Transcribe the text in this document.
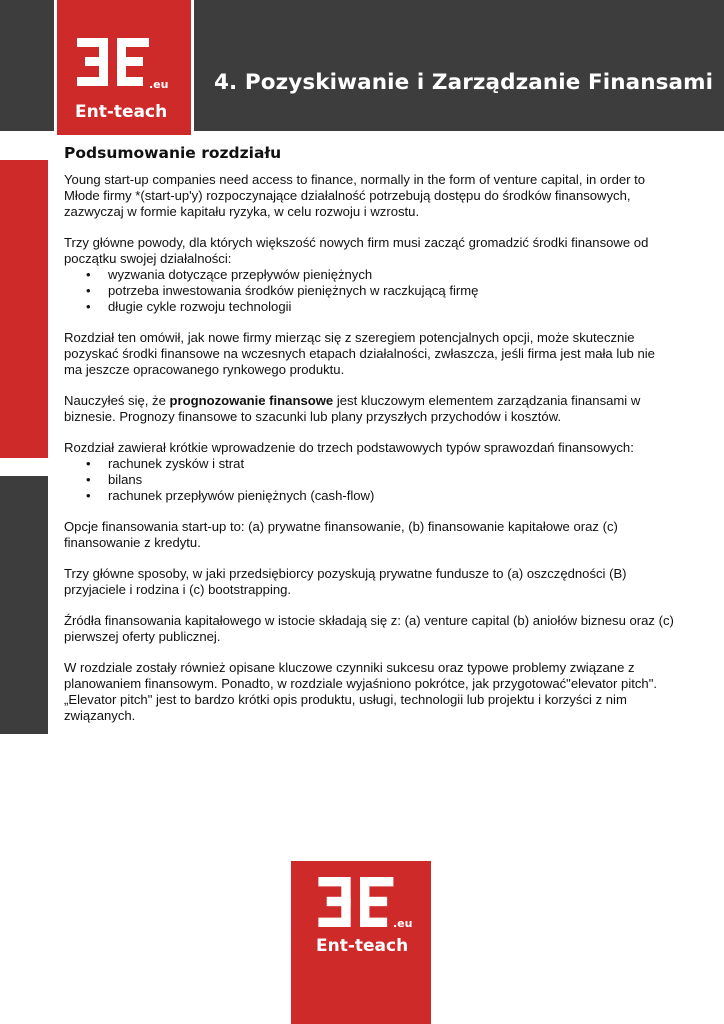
.eu
Ent-teach
4. Pozyskiwanie i Zarządzanie Finansami
Podsumowanie rozdziału

Young start-up companies need access to finance, normally in the form of venture capital, in order to

Młode firmy *(start-up'y) rozpoczynające działalność potrzebują dostępu do środków finansowych, zazwyczaj w formie kapitału ryzyka, w celu rozwoju i wzrostu.

Trzy główne powody, dla których większość nowych firm musi zacząć gromadzić środki finansowe od początku swojej działalności:
• wyzwania dotyczące przepływów pieniężnych
• potrzeba inwestowania środków pieniężnych w raczkującą firmę
• długie cykle rozwoju technologii
Rozdział ten omówił, jak nowe firmy mierząc się z szeregiem potencjalnych opcji, może skutecznie pozyskać środki finansowe na wczesnych etapach działalności, zwłaszcza, jeśli firma jest mała lub nie ma jeszcze opracowanego rynkowego produktu.
Nauczyłeś się, że prognozowanie finansowe jest kluczowym elementem zarządzania finansami w biznesie. Prognozy finansowe to szacunki lub plany przyszłych przychodów i kosztów.
Rozdział zawierał krótkie wprowadzenie do trzech podstawowych typów sprawozdań finansowych:
• rachunek zysków i strat
• bilans
• rachunek przepływów pieniężnych (cash-flow)
Opcje finansowania start-up to: (a) prywatne finansowanie, (b) finansowanie kapitałowe oraz (c) finansowanie z kredytu.
Trzy główne sposoby, w jaki przedsiębiorcy pozyskują prywatne fundusze to (a) oszczędności (B) przyjaciele i rodzina i (c) bootstrapping.
Źródła finansowania kapitałowego w istocie składają się z: (a) venture capital (b) aniołów biznesu oraz (c) pierwszej oferty publicznej.
W rozdziale zostały również opisane kluczowe czynniki sukcesu oraz typowe problemy związane z planowaniem finansowym. Ponadto, w rozdziale wyjaśniono pokrótce, jak przygotować"elevator pitch". „Elevator pitch" jest to bardzo krótki opis produktu, usługi, technologii lub projektu i korzyści z nim związanych.
.eu
Ent-teach
